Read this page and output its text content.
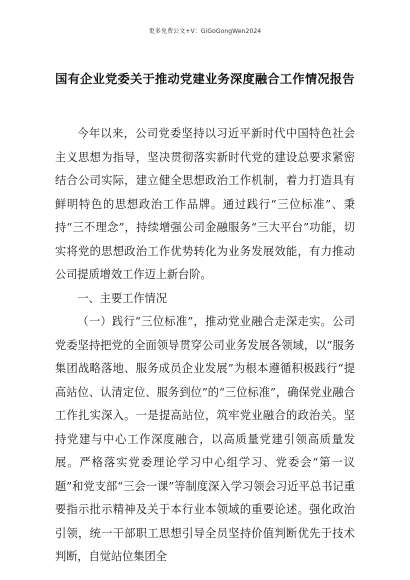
更多免费公文+V：GiGoGongWen2024
国有企业党委关于推动党建业务深度融合工作情况报告

今年以来，公司党委坚持以习近平新时代中国特色社会主义思想为指导，坚决贯彻落实新时代党的建设总要求紧密结合公司实际，建立健全思想政治工作机制，着力打造具有鲜明特色的思想政治工作品牌。通过践行“三位标准”、秉持“三不理念”，持续增强公司金融服务“三大平台”功能，切实将党的思想政治工作优势转化为业务发展效能，有力推动公司提质增效工作迈上新台阶。

一、主要工作情况

（一）践行“三位标准”，推动党业融合走深走实。公司党委坚持把党的全面领导贯穿公司业务发展各领域，以“服务集团战略落地、服务成员企业发展”为根本遵循积极践行“提高站位、认清定位、服务到位”的“三位标准”，确保党业融合工作扎实深入。一是提高站位，筑牢党业融合的政治关。坚持党建与中心工作深度融合，以高质量党建引领高质量发展。严格落实党委理论学习中心组学习、党委会“第一议题”和党支部“三会一课”等制度深入学习领会习近平总书记重要指示批示精神及关于本行业本领域的重要论述。强化政治引领，统一干部职工思想引导全员坚持价值判断优先于技术判断，自觉站位集团全
